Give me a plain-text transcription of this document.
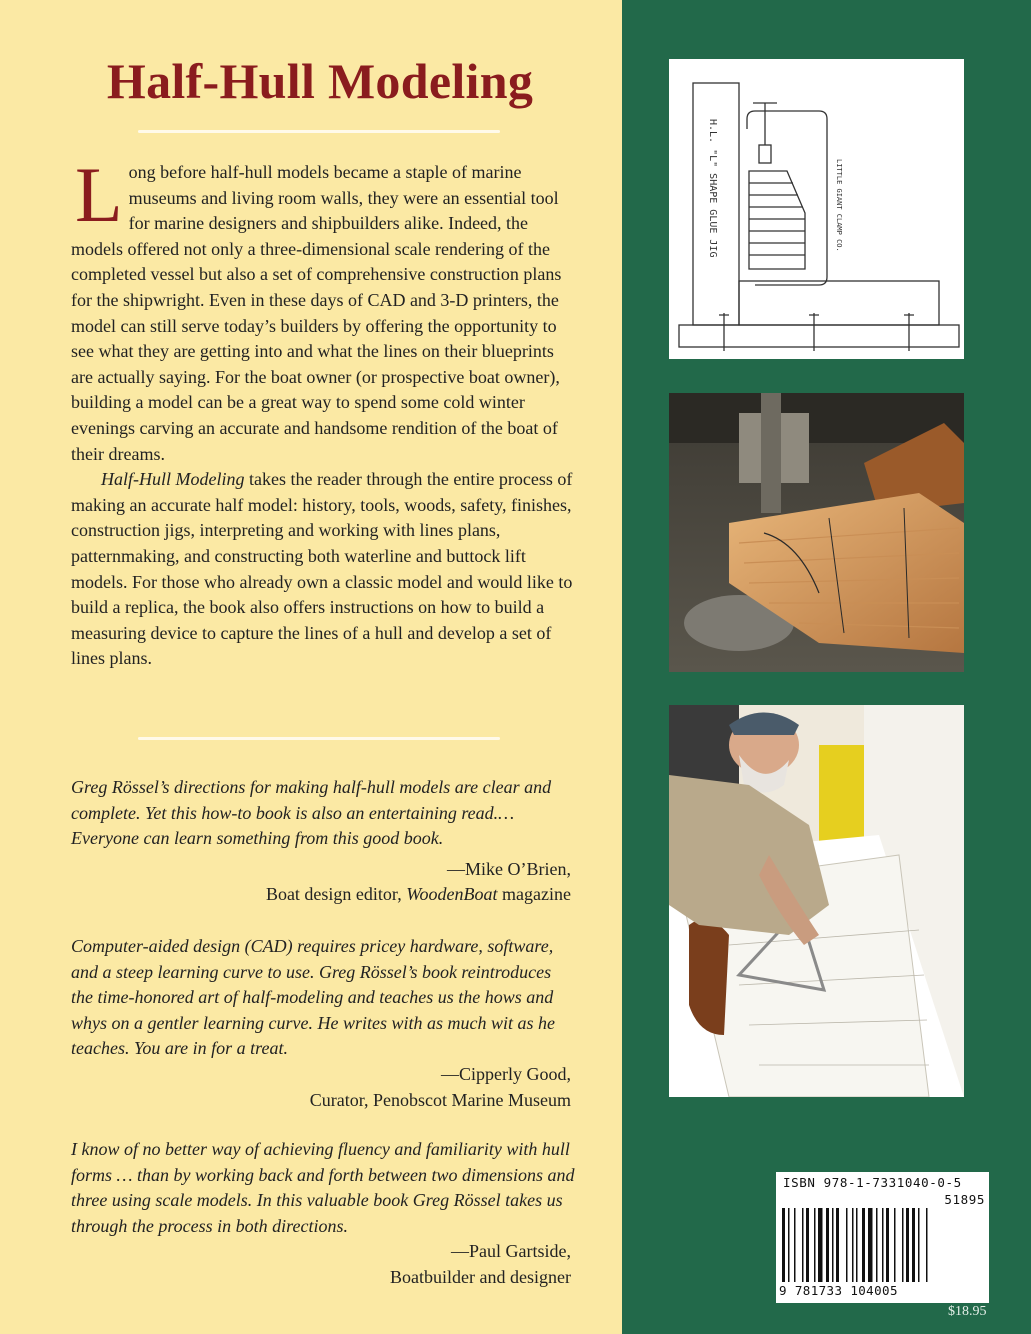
Half-Hull Modeling

Long before half-hull models became a staple of marine museums and living room walls, they were an essential tool for marine designers and shipbuilders alike. Indeed, the models offered not only a three-dimensional scale rendering of the completed vessel but also a set of comprehensive construction plans for the shipwright. Even in these days of CAD and 3-D printers, the model can still serve today’s builders by offering the opportunity to see what they are getting into and what the lines on their blueprints are actually saying. For the boat owner (or prospective boat owner), building a model can be a great way to spend some cold winter evenings carving an accurate and handsome rendition of the boat of their dreams.

Half-Hull Modeling takes the reader through the entire process of making an accurate half model: history, tools, woods, safety, finishes, construction jigs, interpreting and working with lines plans, patternmaking, and constructing both waterline and buttock lift models. For those who already own a classic model and would like to build a replica, the book also offers instructions on how to build a measuring device to capture the lines of a hull and develop a set of lines plans.

Greg Rössel’s directions for making half-hull models are clear and complete. Yet this how-to book is also an entertaining read.… Everyone can learn something from this good book.

—Mike O’Brien,

Boat design editor, WoodenBoat magazine

Computer-aided design (CAD) requires pricey hardware, software, and a steep learning curve to use. Greg Rössel’s book reintroduces the time-honored art of half-modeling and teaches us the hows and whys on a gentler learning curve. He writes with as much wit as he teaches. You are in for a treat.

—Cipperly Good,

Curator, Penobscot Marine Museum

I know of no better way of achieving fluency and familiarity with hull forms … than by working back and forth between two dimensions and three using scale models. In this valuable book Greg Rössel takes us through the process in both directions.

—Paul Gartside,

Boatbuilder and designer

H.L. "L" SHAPE GLUE JIG	LITTLE GIANT CLAMP CO.
ISBN 978-1-7331040-0-5
51895
9 781733 104005
$18.95
